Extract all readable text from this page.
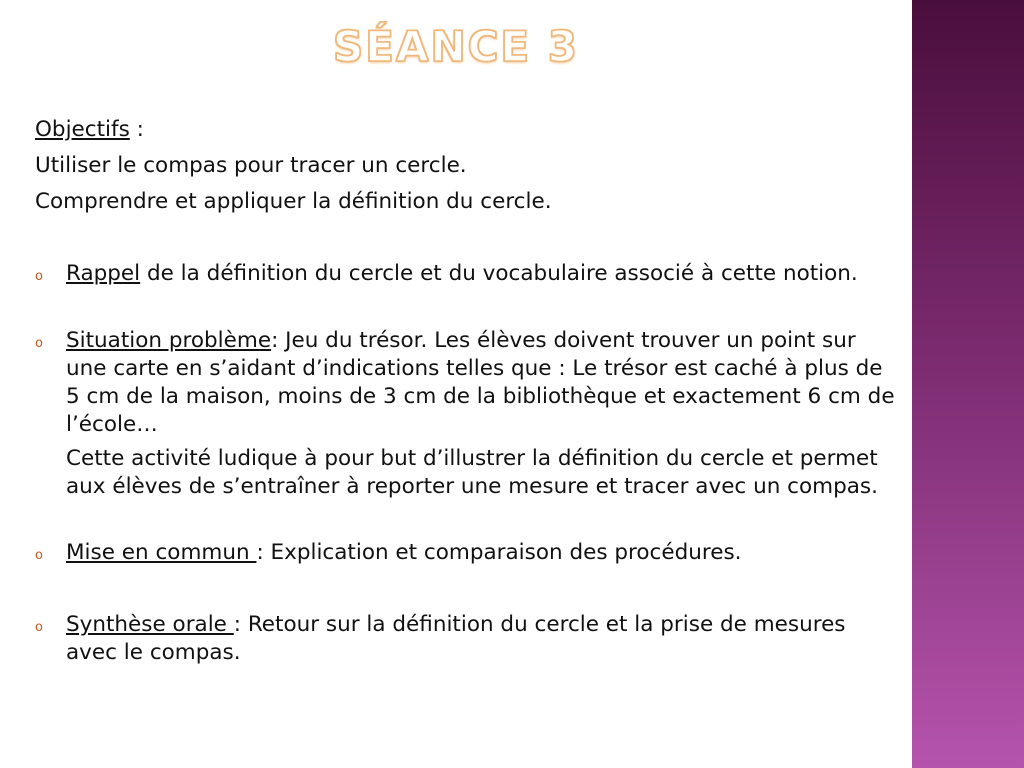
SÉANCE 3

Objectifs :

Utiliser le compas pour tracer un cercle.

Comprendre et appliquer la définition du cercle.

o Rappel de la définition du cercle et du vocabulaire associé à cette notion.

o Situation problème: Jeu du trésor. Les élèves doivent trouver un point sur une carte en s’aidant d’indications telles que : Le trésor est caché à plus de 5 cm de la maison, moins de 3 cm de la bibliothèque et exactement 6 cm de l’école…

Cette activité ludique à pour but d’illustrer la définition du cercle et permet aux élèves de s’entraîner à reporter une mesure et tracer avec un compas.

o Mise en commun : Explication et comparaison des procédures.

o Synthèse orale : Retour sur la définition du cercle et la prise de mesures avec le compas.
